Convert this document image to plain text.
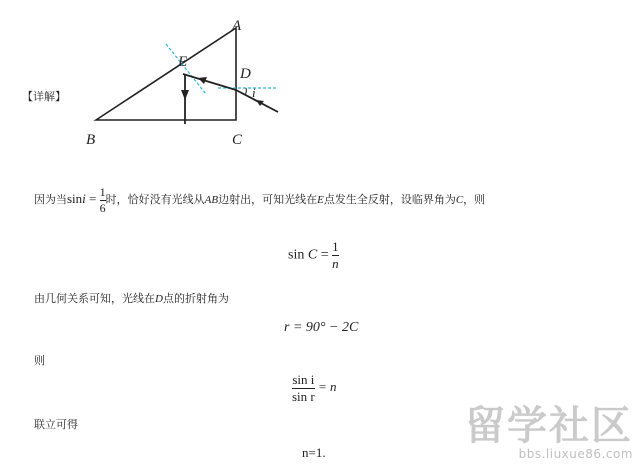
【详解】
A
B	C
D
E
i
因为当$\sin i = \frac{1}{6}$ 时，恰好没有光线从AB边射出，可知光线在E点发生全反射，设临界角为C，则
$\sin C = \frac{1}{n}$
由几何关系可知，光线在D点的折射角为
r = 90° − 2C
则
$\frac{\text{sin i}}{\text{sin r}} = n$
联立可得
n=1.
留学社区
bbs.liuxue86.com
